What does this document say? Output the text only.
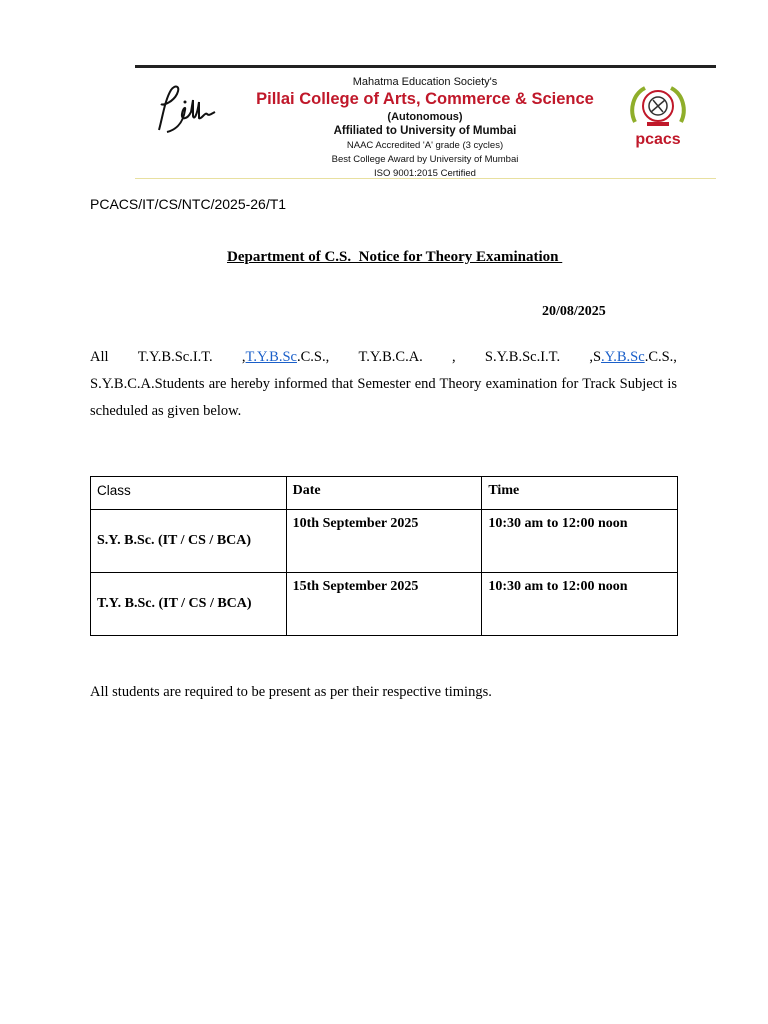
Mahatma Education Society's
Pillai College of Arts, Commerce & Science
(Autonomous)
Affiliated to University of Mumbai
NAAC Accredited 'A' grade (3 cycles)
Best College Award by University of Mumbai
ISO 9001:2015 Certified
pcacs
PCACS/IT/CS/NTC/2025-26/T1
Department of C.S.  Notice for Theory Examination
20/08/2025
All T.Y.B.Sc.I.T. ,T.Y.B.Sc.C.S., T.Y.B.C.A. , S.Y.B.Sc.I.T. ,S.Y.B.Sc.C.S.,
S.Y.B.C.A.Students are hereby informed that Semester end Theory examination for Track Subject is scheduled as given below.
Class	Date	Time
S.Y. B.Sc. (IT / CS / BCA)	10th September 2025	10:30 am to 12:00 noon
T.Y. B.Sc. (IT / CS / BCA)	15th September 2025	10:30 am to 12:00 noon
All students are required to be present as per their respective timings.
